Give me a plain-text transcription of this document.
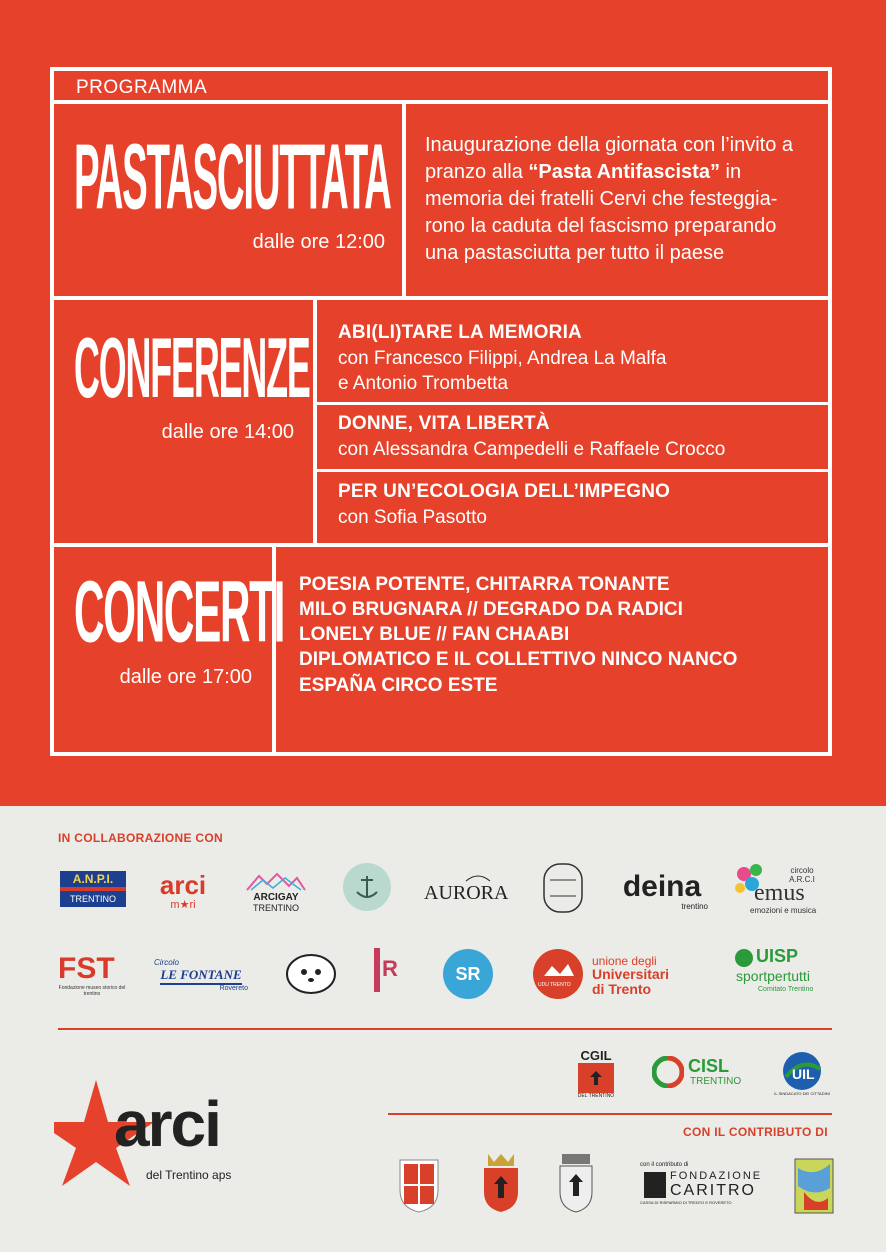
PROGRAMMA
PASTASCIUTTATA
dalle ore 12:00
Inaugurazione della giornata con l’invito a pranzo alla “Pasta Antifascista” in memoria dei fratelli Cervi che festeggia-rono la caduta del fascismo preparando una pastasciutta per tutto il paese
CONFERENZE
dalle ore 14:00
ABI(LI)TARE LA MEMORIA
con Francesco Filippi, Andrea La Malfa
e Antonio Trombetta
DONNE, VITA LIBERTÀ
con Alessandra Campedelli e Raffaele Crocco
PER UN’ECOLOGIA DELL’IMPEGNO
con Sofia Pasotto
CONCERTI
dalle ore 17:00
POESIA POTENTE, CHITARRA TONANTE
MILO BRUGNARA // DEGRADO DA RADICI
LONELY BLUE // FAN CHAABI
DIPLOMATICO E IL COLLETTIVO NINCO NANCO
ESPAÑA CIRCO ESTE
IN COLLABORAZIONE CON
A.N.P.I.
TRENTINO	arci
m★ri
ARCIGAY
TRENTINO
AURORA	deina
trentino
circolo A.R.C.I
emus
emozioni e musica
FST
Fondazione museo storico del trentino
Circolo
LE FONTANE
Rovereto
R	SR
UDU TRENTO
unione degli
Universitari
di Trento
UISP
sportpertutti
Comitato Trentino
CGIL
DEL TRENTINO
CISL
TRENTINO	UIL
IL SINDACATO DEI CITTADINI
CON IL CONTRIBUTO DI
arci
del Trentino aps
con il contributo di
FONDAZIONE
CARITRO
CASSA DI RISPARMIO DI TRENTO E ROVERETO
